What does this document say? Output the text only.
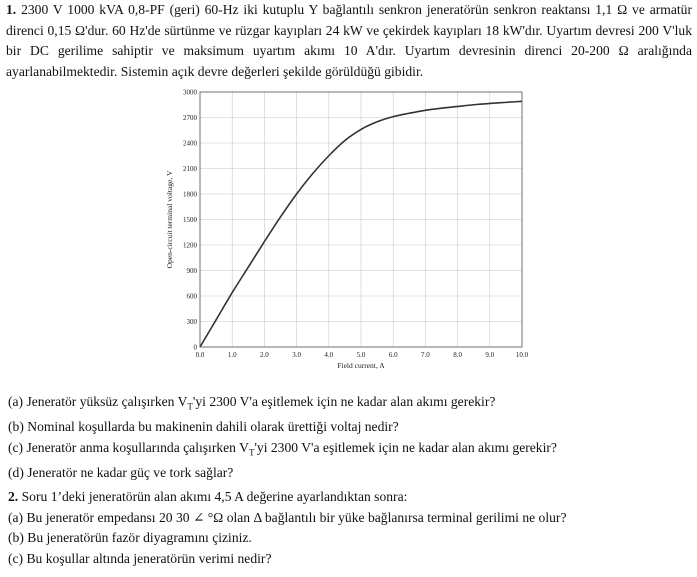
1. 2300 V 1000 kVA 0,8-PF (geri) 60-Hz iki kutuplu Y bağlantılı senkron jeneratörün senkron reaktansı 1,1 Ω ve armatür direnci 0,15 Ω'dur. 60 Hz'de sürtünme ve rüzgar kayıpları 24 kW ve çekirdek kayıpları 18 kW'dır. Uyartım devresi 200 V'luk bir DC gerilime sahiptir ve maksimum uyartım akımı 10 A'dır. Uyartım devresinin direnci 20-200 Ω aralığında ayarlanabilmektedir. Sistemin açık devre değerleri şekilde görüldüğü gibidir.
0.0	1.0	2.0	3.0	4.0	5.0	6.0	7.0	8.0	9.0	10.0
0
300
600
900
1200
1500
1800
2100
2400
2700
3000
Field current, A
Open-circuit terminal voltage, V
(a) Jeneratör yüksüz çalışırken $V_T'yi$ 2300 V'a eşitlemek için ne kadar alan akımı gerekir?
(b) Nominal koşullarda bu makinenin dahili olarak ürettiği voltaj nedir?
(c) Jeneratör anma koşullarında çalışırken $V_T'yi$ 2300 V'a eşitlemek için ne kadar alan akımı gerekir?
(d) Jeneratör ne kadar güç ve tork sağlar?
2. Soru 1’deki jeneratörün alan akımı 4,5 A değerine ayarlandıktan sonra:
(a) Bu jeneratör empedansı 20 30 ∠ °Ω olan Δ bağlantılı bir yüke bağlanırsa terminal gerilimi ne olur?
(b) Bu jeneratörün fazör diyagramını çiziniz.
(c) Bu koşullar altında jeneratörün verimi nedir?
